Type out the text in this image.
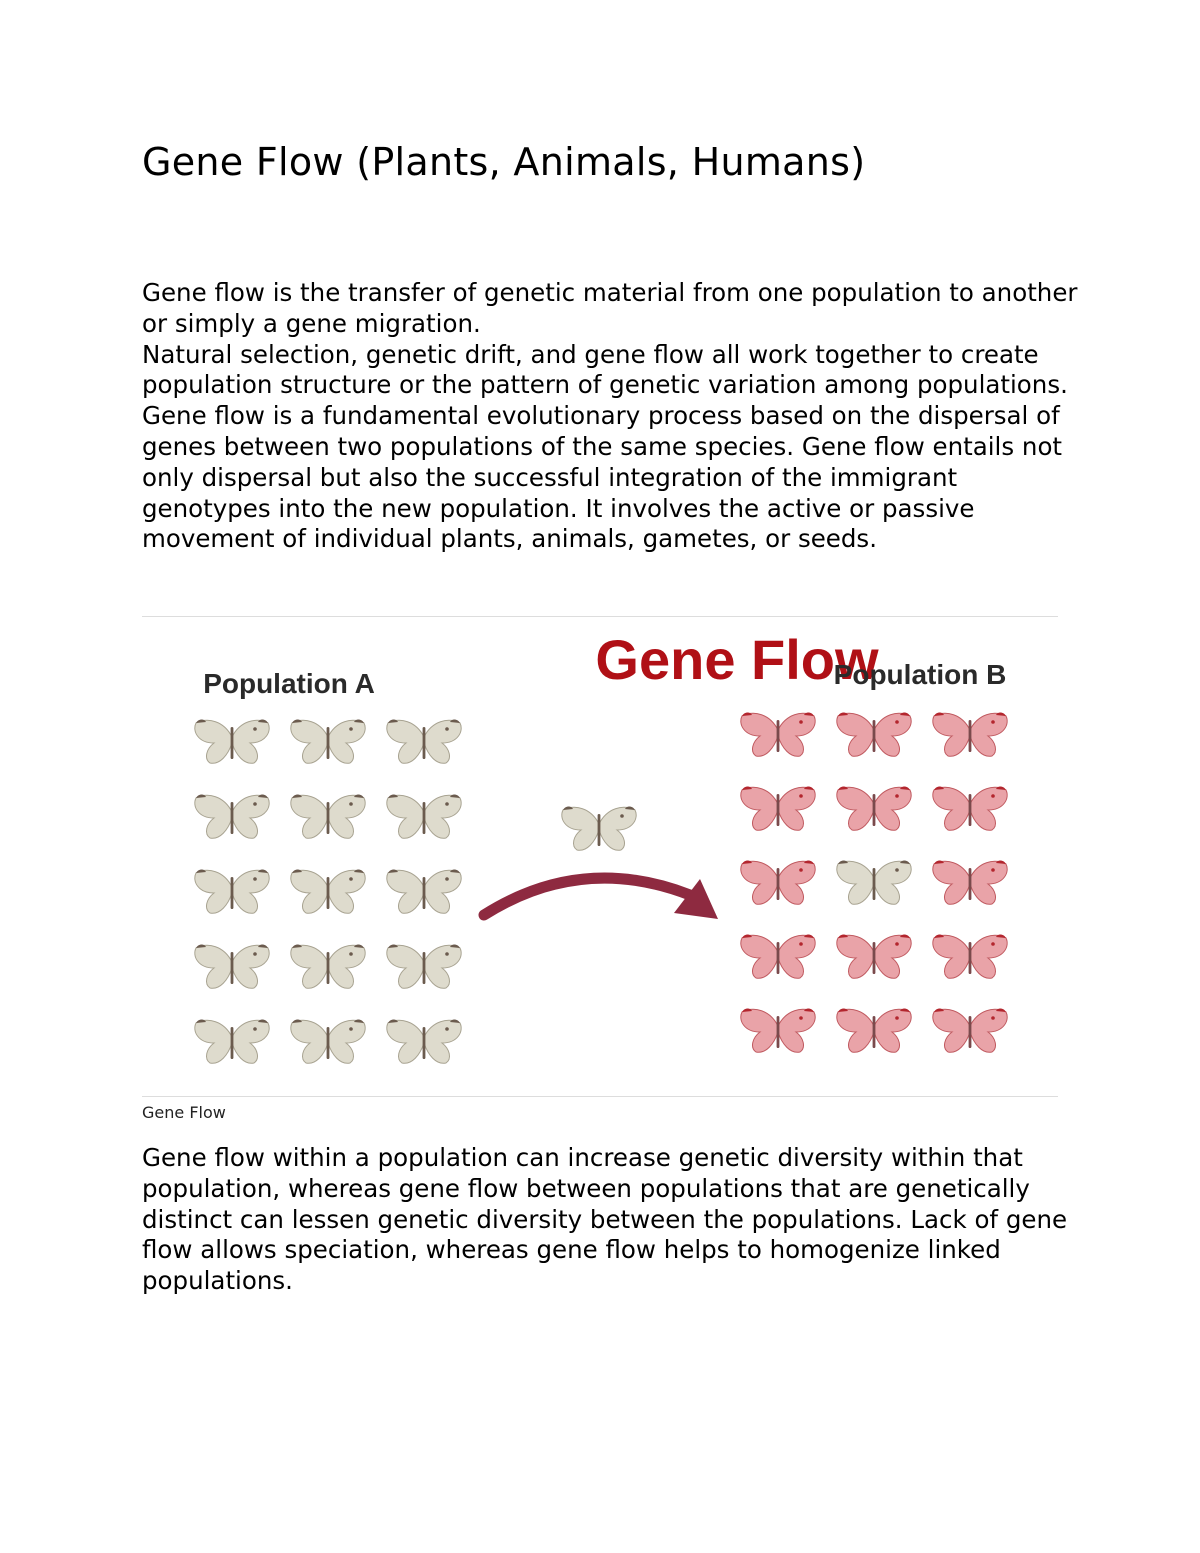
Gene Flow (Plants, Animals, Humans)

Gene flow is the transfer of genetic material from one population to another or simply a gene migration.

Natural selection, genetic drift, and gene flow all work together to create population structure or the pattern of genetic variation among populations.

Gene flow is a fundamental evolutionary process based on the dispersal of genes between two populations of the same species. Gene flow entails not only dispersal but also the successful integration of the immigrant genotypes into the new population. It involves the active or passive movement of individual plants, animals, gametes, or seeds.

Gene Flow
Population A	Population B
Gene Flow

Gene flow within a population can increase genetic diversity within that population, whereas gene flow between populations that are genetically distinct can lessen genetic diversity between the populations. Lack of gene flow allows speciation, whereas gene flow helps to homogenize linked populations.
